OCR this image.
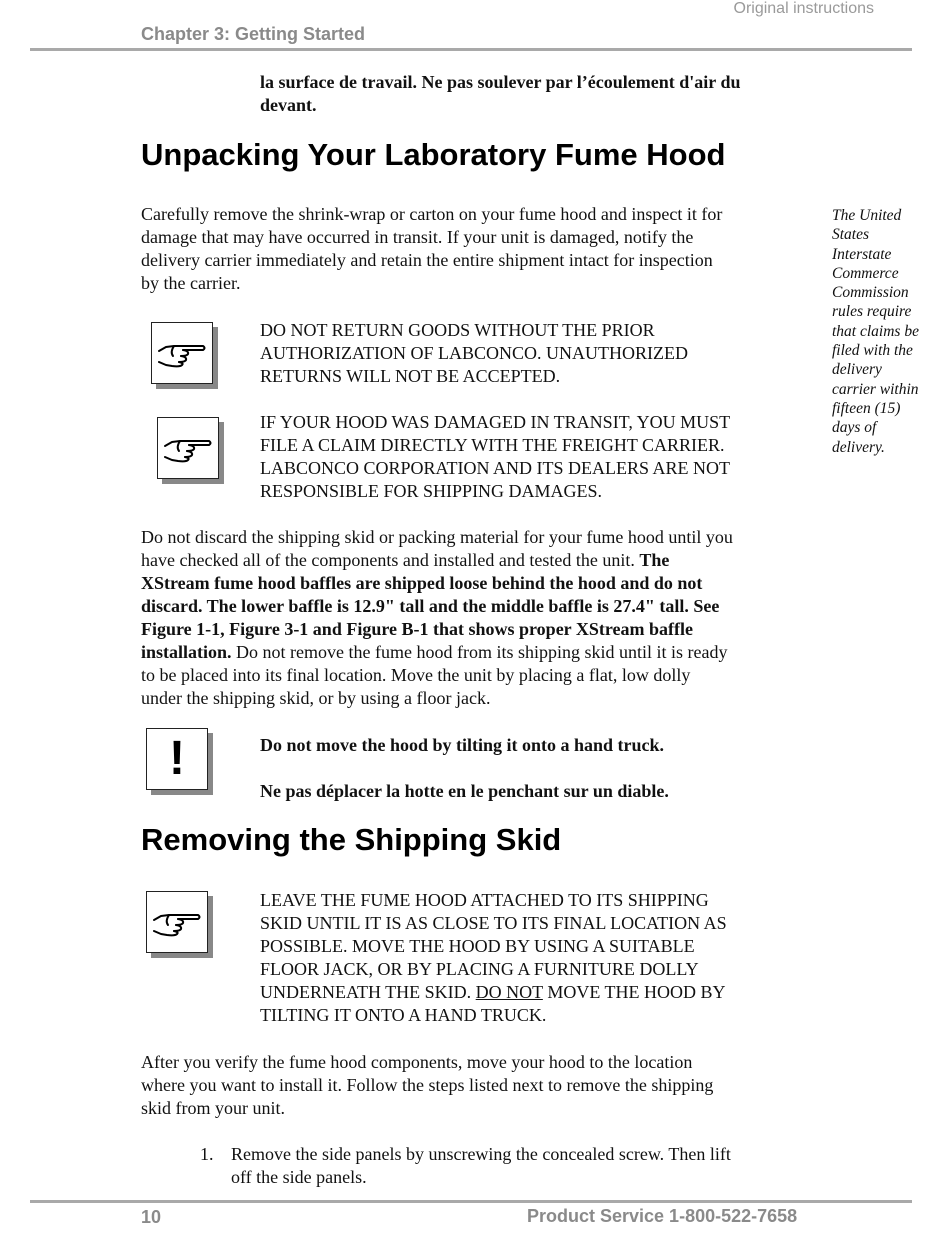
Original instructions
Chapter 3: Getting Started
la surface de travail. Ne pas soulever par l’écoulement d'air du
devant.
Unpacking Your Laboratory Fume Hood
Carefully remove the shrink-wrap or carton on your fume hood and inspect it for
damage that may have occurred in transit. If your unit is damaged, notify the
delivery carrier immediately and retain the entire shipment intact for inspection
by the carrier.
The United
States
Interstate
Commerce
Commission
rules require
that claims be
filed with the
delivery
carrier within
fifteen (15)
days of
delivery.
DO NOT RETURN GOODS WITHOUT THE PRIOR
AUTHORIZATION OF LABCONCO. UNAUTHORIZED
RETURNS WILL NOT BE ACCEPTED.
IF YOUR HOOD WAS DAMAGED IN TRANSIT, YOU MUST
FILE A CLAIM DIRECTLY WITH THE FREIGHT CARRIER.
LABCONCO CORPORATION AND ITS DEALERS ARE NOT
RESPONSIBLE FOR SHIPPING DAMAGES.
Do not discard the shipping skid or packing material for your fume hood until you
have checked all of the components and installed and tested the unit. The
XStream fume hood baffles are shipped loose behind the hood and do not
discard. The lower baffle is 12.9" tall and the middle baffle is 27.4" tall. See
Figure 1-1, Figure 3-1 and Figure B-1 that shows proper XStream baffle
installation. Do not remove the fume hood from its shipping skid until it is ready
to be placed into its final location. Move the unit by placing a flat, low dolly
under the shipping skid, or by using a floor jack.
!	Do not move the hood by tilting it onto a hand truck.
Ne pas déplacer la hotte en le penchant sur un diable.
Removing the Shipping Skid
LEAVE THE FUME HOOD ATTACHED TO ITS SHIPPING
SKID UNTIL IT IS AS CLOSE TO ITS FINAL LOCATION AS
POSSIBLE. MOVE THE HOOD BY USING A SUITABLE
FLOOR JACK, OR BY PLACING A FURNITURE DOLLY
UNDERNEATH THE SKID. DO NOT MOVE THE HOOD BY
TILTING IT ONTO A HAND TRUCK.
After you verify the fume hood components, move your hood to the location
where you want to install it. Follow the steps listed next to remove the shipping
skid from your unit.
1. Remove the side panels by unscrewing the concealed screw. Then lift
off the side panels.
10	Product Service 1-800-522-7658
